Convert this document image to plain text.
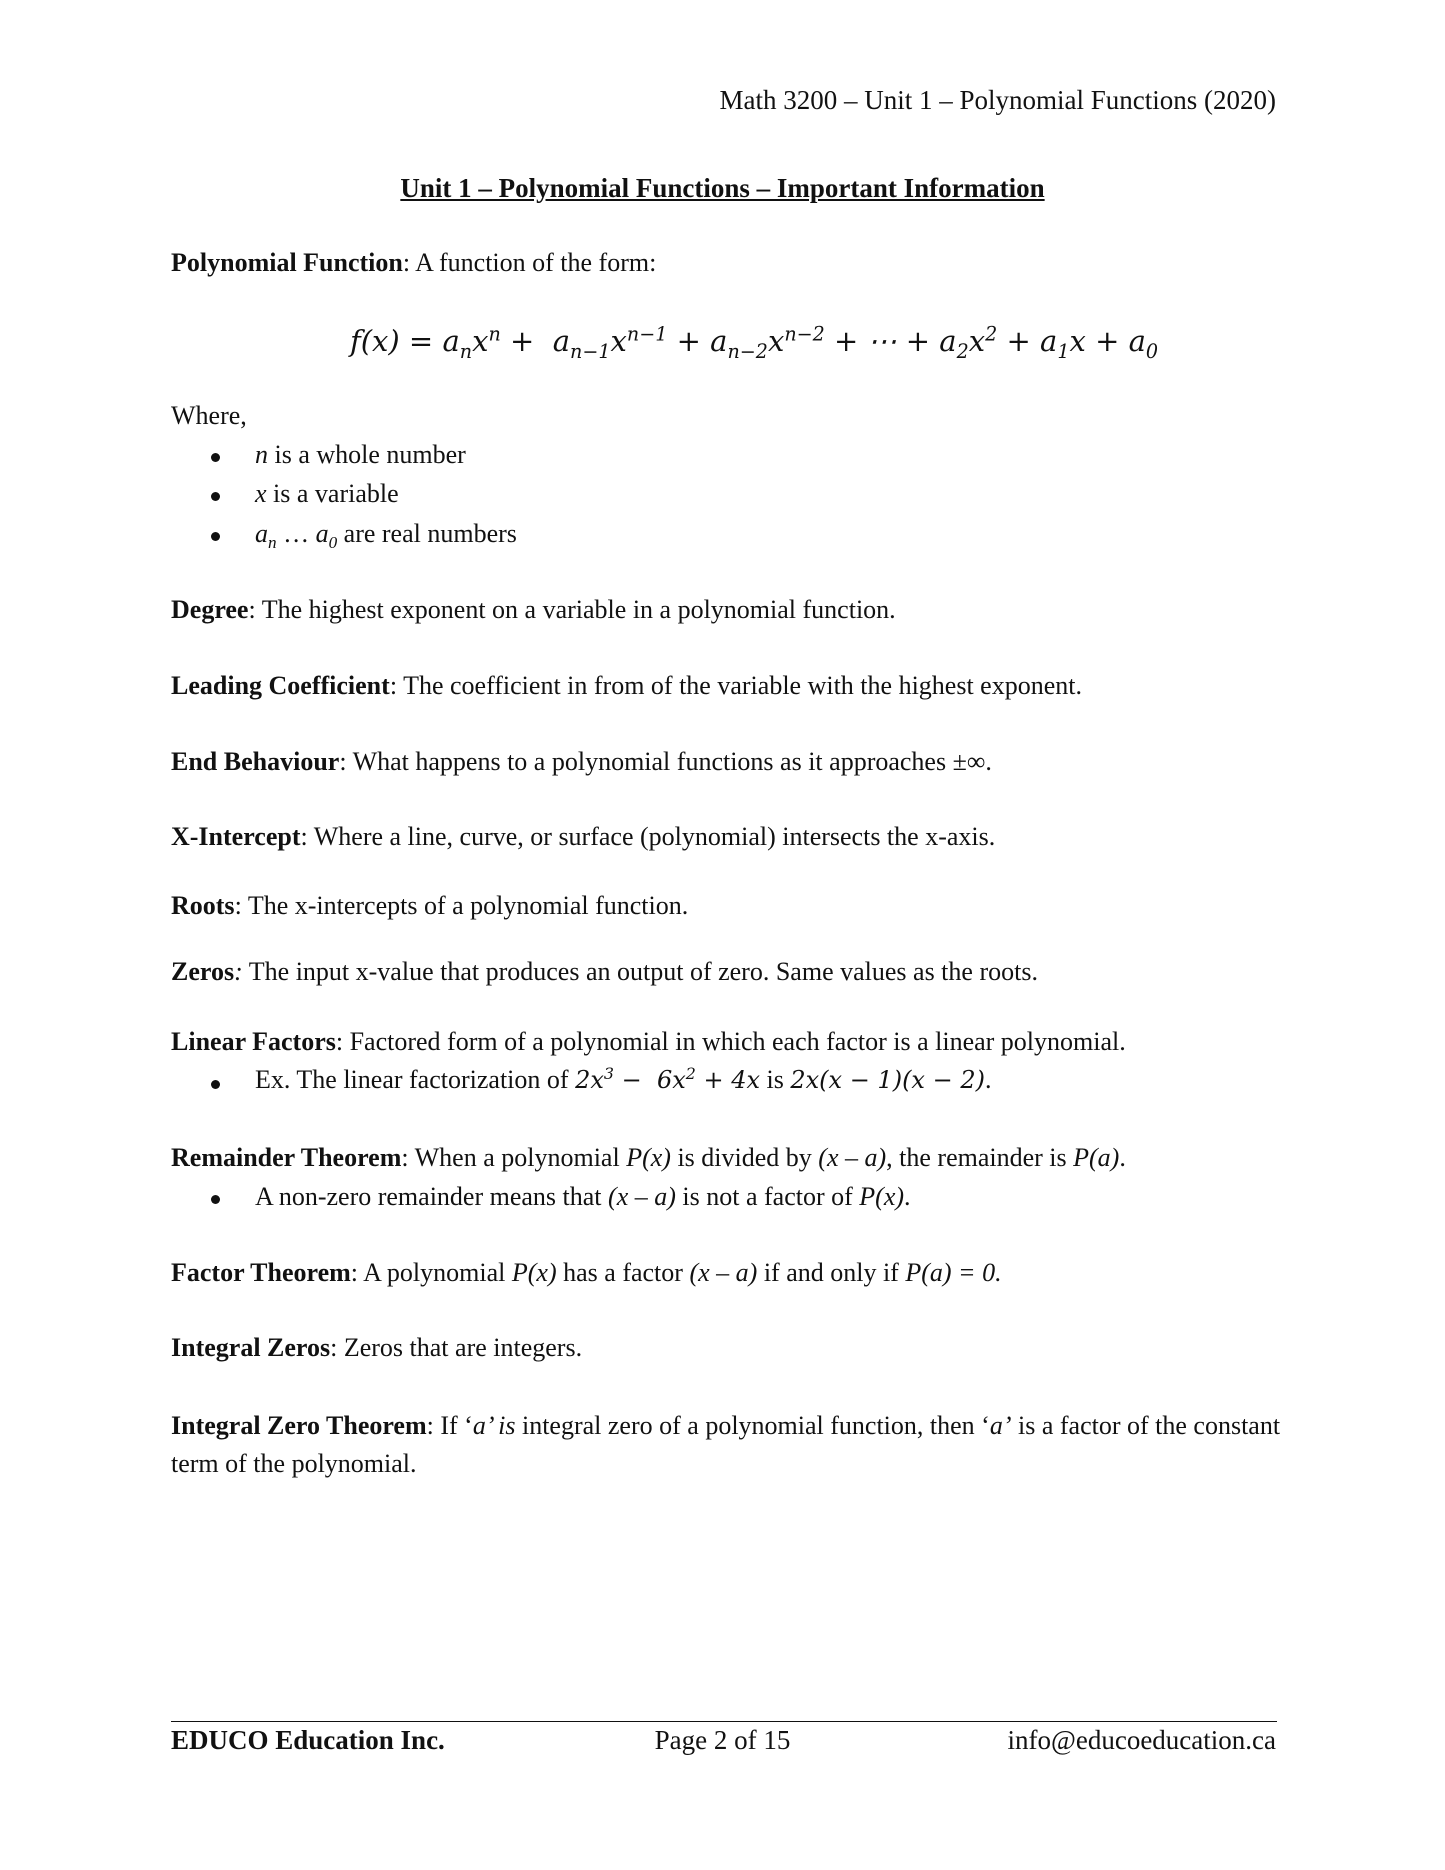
Math 3200 – Unit 1 – Polynomial Functions (2020)
Unit 1 – Polynomial Functions – Important Information
Polynomial Function: A function of the form:
$f(x) = a_nx^n + a_{n-1}x^{n-1} + a_{n-2}x^{n-2}$ + ⋯ + $a_2x^2 + a_1x + a_0$
Where,
n is a whole number
x is a variable
$a_n$ … $a_0$ are real numbers
Degree: The highest exponent on a variable in a polynomial function.
Leading Coefficient: The coefficient in from of the variable with the highest exponent.
End Behaviour: What happens to a polynomial functions as it approaches ±∞.
X-Intercept: Where a line, curve, or surface (polynomial) intersects the x-axis.
Roots: The x-intercepts of a polynomial function.
Zeros: The input x-value that produces an output of zero. Same values as the roots.
Linear Factors: Factored form of a polynomial in which each factor is a linear polynomial.
Ex. The linear factorization of $2x^3 - 6x^2 + 4x$ is 2x(x − 1)(x − 2).
Remainder Theorem: When a polynomial P(x) is divided by (x – a), the remainder is P(a).
A non-zero remainder means that (x – a) is not a factor of P(x).
Factor Theorem: A polynomial P(x) has a factor (x – a) if and only if P(a) = 0.
Integral Zeros: Zeros that are integers.
Integral Zero Theorem: If ‘a’ is integral zero of a polynomial function, then ‘a’ is a factor of the constant term of the polynomial.
EDUCO Education Inc.	Page 2 of 15	info@educoeducation.ca
